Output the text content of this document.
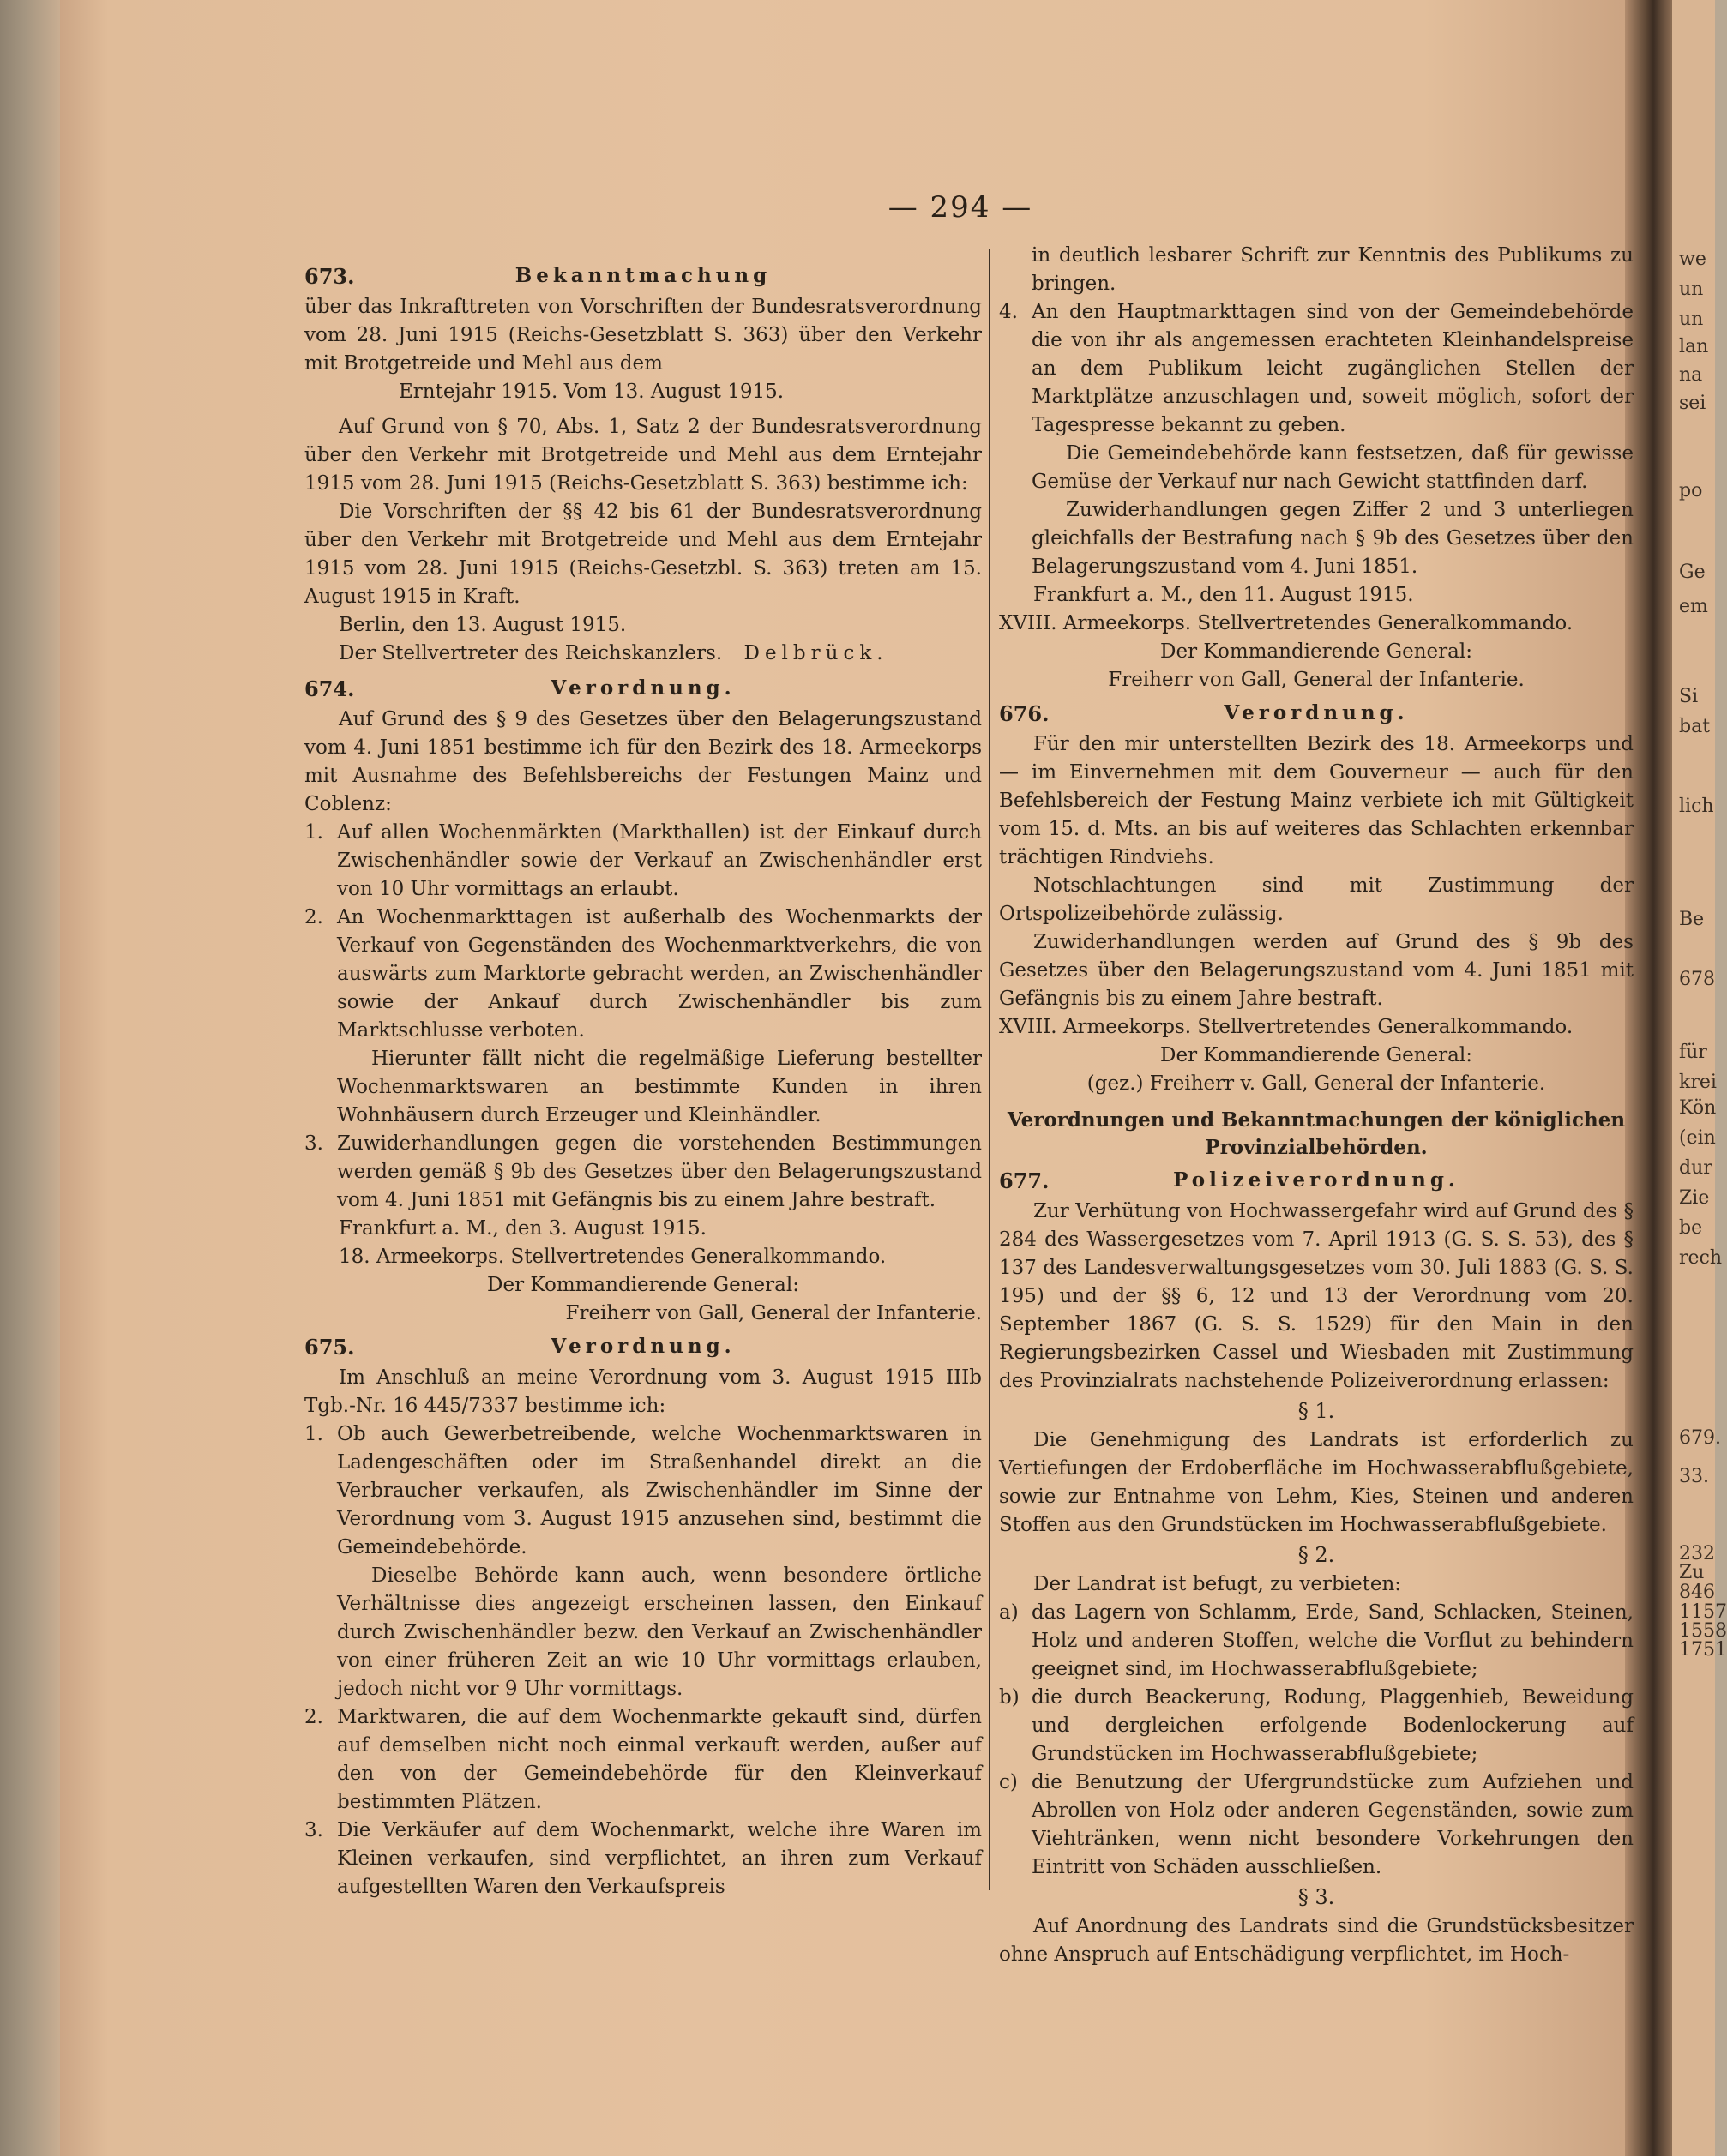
we
un
un
lan
na
sei
po
Ge
em
Si
bat
lich
Be
678
für
krei
Kön
(ein
dur
Zie
be
rech
679.
33.
232
Zu
846
1157
1558
1751
— 294 —
673.	Bekanntmachung
über das Inkrafttreten von Vorschriften der Bundesratsverordnung vom 28. Juni 1915 (Reichs-Gesetzblatt S. 363) über den Verkehr mit Brotgetreide und Mehl aus dem
Erntejahr 1915. Vom 13. August 1915.

Auf Grund von § 70, Abs. 1, Satz 2 der Bundesratsverordnung über den Verkehr mit Brotgetreide und Mehl aus dem Erntejahr 1915 vom 28. Juni 1915 (Reichs-Gesetzblatt S. 363) bestimme ich:

Die Vorschriften der §§ 42 bis 61 der Bundesratsverordnung über den Verkehr mit Brotgetreide und Mehl aus dem Erntejahr 1915 vom 28. Juni 1915 (Reichs-Gesetzbl. S. 363) treten am 15. August 1915 in Kraft.

Berlin, den 13. August 1915.
Der Stellvertreter des Reichskanzlers. Delbrück.
674.	Verordnung.

Auf Grund des § 9 des Gesetzes über den Belagerungszustand vom 4. Juni 1851 bestimme ich für den Bezirk des 18. Armeekorps mit Ausnahme des Befehlsbereichs der Festungen Mainz und Coblenz:

1. Auf allen Wochenmärkten (Markthallen) ist der Einkauf durch Zwischenhändler sowie der Verkauf an Zwischenhändler erst von 10 Uhr vormittags an erlaubt.
2. An Wochenmarkttagen ist außerhalb des Wochenmarkts der Verkauf von Gegenständen des Wochenmarktverkehrs, die von auswärts zum Marktorte gebracht werden, an Zwischenhändler sowie der Ankauf durch Zwischenhändler bis zum Marktschlusse verboten.
Hierunter fällt nicht die regelmäßige Lieferung bestellter Wochenmarktswaren an bestimmte Kunden in ihren Wohnhäusern durch Erzeuger und Kleinhändler.
3. Zuwiderhandlungen gegen die vorstehenden Bestimmungen werden gemäß § 9b des Gesetzes über den Belagerungszustand vom 4. Juni 1851 mit Gefängnis bis zu einem Jahre bestraft.
Frankfurt a. M., den 3. August 1915.
18. Armeekorps. Stellvertretendes Generalkommando.
Der Kommandierende General:
Freiherr von Gall, General der Infanterie.
675.	Verordnung.

Im Anschluß an meine Verordnung vom 3. August 1915 IIIb Tgb.-Nr. 16 445/7337 bestimme ich:

1. Ob auch Gewerbetreibende, welche Wochenmarktswaren in Ladengeschäften oder im Straßenhandel direkt an die Verbraucher verkaufen, als Zwischenhändler im Sinne der Verordnung vom 3. August 1915 anzusehen sind, bestimmt die Gemeindebehörde.
Dieselbe Behörde kann auch, wenn besondere örtliche Verhältnisse dies angezeigt erscheinen lassen, den Einkauf durch Zwischenhändler bezw. den Verkauf an Zwischenhändler von einer früheren Zeit an wie 10 Uhr vormittags erlauben, jedoch nicht vor 9 Uhr vormittags.
2. Marktwaren, die auf dem Wochenmarkte gekauft sind, dürfen auf demselben nicht noch einmal verkauft werden, außer auf den von der Gemeindebehörde für den Kleinverkauf bestimmten Plätzen.
3. Die Verkäufer auf dem Wochenmarkt, welche ihre Waren im Kleinen verkaufen, sind verpflichtet, an ihren zum Verkauf aufgestellten Waren den Verkaufspreis
in deutlich lesbarer Schrift zur Kenntnis des Publikums zu bringen.
4. An den Hauptmarkttagen sind von der Gemeindebehörde die von ihr als angemessen erachteten Kleinhandelspreise an dem Publikum leicht zugänglichen Stellen der Marktplätze anzuschlagen und, soweit möglich, sofort der Tagespresse bekannt zu geben.
Die Gemeindebehörde kann festsetzen, daß für gewisse Gemüse der Verkauf nur nach Gewicht stattfinden darf.
Zuwiderhandlungen gegen Ziffer 2 und 3 unterliegen gleichfalls der Bestrafung nach § 9b des Gesetzes über den Belagerungszustand vom 4. Juni 1851.
Frankfurt a. M., den 11. August 1915.
XVIII. Armeekorps. Stellvertretendes Generalkommando.
Der Kommandierende General:
Freiherr von Gall, General der Infanterie.
676.	Verordnung.

Für den mir unterstellten Bezirk des 18. Armeekorps und — im Einvernehmen mit dem Gouverneur — auch für den Befehlsbereich der Festung Mainz verbiete ich mit Gültigkeit vom 15. d. Mts. an bis auf weiteres das Schlachten erkennbar trächtigen Rindviehs.

Notschlachtungen sind mit Zustimmung der Ortspolizeibehörde zulässig.

Zuwiderhandlungen werden auf Grund des § 9b des Gesetzes über den Belagerungszustand vom 4. Juni 1851 mit Gefängnis bis zu einem Jahre bestraft.

XVIII. Armeekorps. Stellvertretendes Generalkommando.
Der Kommandierende General:
(gez.) Freiherr v. Gall, General der Infanterie.
Verordnungen und Bekanntmachungen der königlichen Provinzialbehörden.
677.	Polizeiverordnung.

Zur Verhütung von Hochwassergefahr wird auf Grund des § 284 des Wassergesetzes vom 7. April 1913 (G. S. S. 53), des § 137 des Landesverwaltungsgesetzes vom 30. Juli 1883 (G. S. S. 195) und der §§ 6, 12 und 13 der Verordnung vom 20. September 1867 (G. S. S. 1529) für den Main in den Regierungsbezirken Cassel und Wiesbaden mit Zustimmung des Provinzialrats nachstehende Polizeiverordnung erlassen:

§ 1.

Die Genehmigung des Landrats ist erforderlich zu Vertiefungen der Erdoberfläche im Hochwasserabflußgebiete, sowie zur Entnahme von Lehm, Kies, Steinen und anderen Stoffen aus den Grundstücken im Hochwasserabflußgebiete.

§ 2.

Der Landrat ist befugt, zu verbieten:

a) das Lagern von Schlamm, Erde, Sand, Schlacken, Steinen, Holz und anderen Stoffen, welche die Vorflut zu behindern geeignet sind, im Hochwasserabflußgebiete;
b) die durch Beackerung, Rodung, Plaggenhieb, Beweidung und dergleichen erfolgende Bodenlockerung auf Grundstücken im Hochwasserabflußgebiete;
c) die Benutzung der Ufergrundstücke zum Aufziehen und Abrollen von Holz oder anderen Gegenständen, sowie zum Viehtränken, wenn nicht besondere Vorkehrungen den Eintritt von Schäden ausschließen.
§ 3.

Auf Anordnung des Landrats sind die Grundstücksbesitzer ohne Anspruch auf Entschädigung verpflichtet, im Hoch-
